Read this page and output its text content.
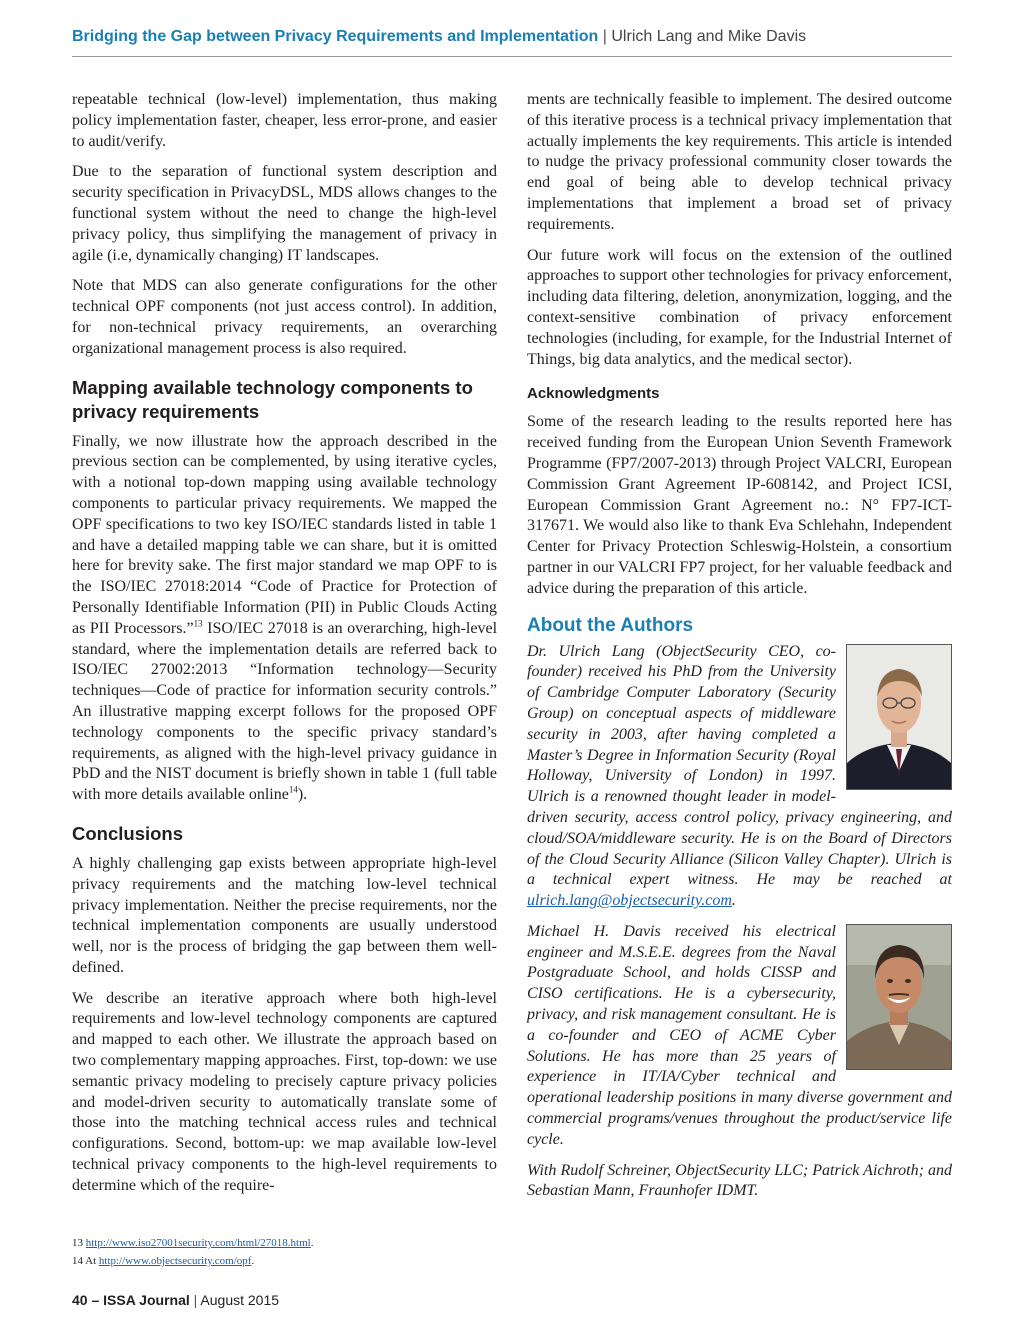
Bridging the Gap between Privacy Requirements and Implementation | Ulrich Lang and Mike Davis

repeatable technical (low-level) implementation, thus making policy implementation faster, cheaper, less error-prone, and easier to audit/verify.

Due to the separation of functional system description and security specification in PrivacyDSL, MDS allows changes to the functional system without the need to change the high-level privacy policy, thus simplifying the management of privacy in agile (i.e, dynamically changing) IT landscapes.

Note that MDS can also generate configurations for the other technical OPF components (not just access control). In addition, for non-technical privacy requirements, an overarching organizational management process is also required.

Mapping available technology components to privacy requirements

Finally, we now illustrate how the approach described in the previous section can be complemented, by using iterative cycles, with a notional top-down mapping using available technology components to particular privacy requirements. We mapped the OPF specifications to two key ISO/IEC standards listed in table 1 and have a detailed mapping table we can share, but it is omitted here for brevity sake. The first major standard we map OPF to is the ISO/IEC 27018:2014 “Code of Practice for Protection of Personally Identifiable Information (PII) in Public Clouds Acting as PII Processors.”$^{13}$ ISO/IEC 27018 is an overarching, high-level standard, where the implementation details are referred back to ISO/IEC 27002:2013 “Information technology—Security techniques—Code of practice for information security controls.” An illustrative mapping excerpt follows for the proposed OPF technology components to the specific privacy standard’s requirements, as aligned with the high-level privacy guidance in PbD and the NIST document is briefly shown in table 1 (full table with more details available online$^{14}$).

Conclusions

A highly challenging gap exists between appropriate high-level privacy requirements and the matching low-level technical privacy implementation. Neither the precise requirements, nor the technical implementation components are usually understood well, nor is the process of bridging the gap between them well-defined.

We describe an iterative approach where both high-level requirements and low-level technology components are captured and mapped to each other. We illustrate the approach based on two complementary mapping approaches. First, top-down: we use semantic privacy modeling to precisely capture privacy policies and model-driven security to automatically translate some of those into the matching technical access rules and technical configurations. Second, bottom-up: we map available low-level technical privacy components to the high-level requirements to determine which of the require-

ments are technically feasible to implement. The desired outcome of this iterative process is a technical privacy implementation that actually implements the key requirements. This article is intended to nudge the privacy professional community closer towards the end goal of being able to develop technical privacy implementations that implement a broad set of privacy requirements.

Our future work will focus on the extension of the outlined approaches to support other technologies for privacy enforcement, including data filtering, deletion, anonymization, logging, and the context-sensitive combination of privacy enforcement technologies (including, for example, for the Industrial Internet of Things, big data analytics, and the medical sector).

Acknowledgments

Some of the research leading to the results reported here has received funding from the European Union Seventh Framework Programme (FP7/2007-2013) through Project VALCRI, European Commission Grant Agreement IP-608142, and Project ICSI, European Commission Grant Agreement no.: N° FP7-ICT-317671. We would also like to thank Eva Schlehahn, Independent Center for Privacy Protection Schleswig-Holstein, a consortium partner in our VALCRI FP7 project, for her valuable feedback and advice during the preparation of this article.

About the Authors

Dr. Ulrich Lang (ObjectSecurity CEO, co-founder) received his PhD from the University of Cambridge Computer Laboratory (Security Group) on conceptual aspects of middleware security in 2003, after having completed a Master’s Degree in Information Security (Royal Holloway, University of London) in 1997. Ulrich is a renowned thought leader in model-driven security, access control policy, privacy engineering, and cloud/SOA/middleware security. He is on the Board of Directors of the Cloud Security Alliance (Silicon Valley Chapter). Ulrich is a technical expert witness. He may be reached at ulrich.lang@objectsecurity.com.

Michael H. Davis received his electrical engineer and M.S.E.E. degrees from the Naval Postgraduate School, and holds CISSP and CISO certifications. He is a cybersecurity, privacy, and risk management consultant. He is a co-founder and CEO of ACME Cyber Solutions. He has more than 25 years of experience in IT/IA/Cyber technical and operational leadership positions in many diverse government and commercial programs/venues throughout the product/service life cycle.

With Rudolf Schreiner, ObjectSecurity LLC; Patrick Aichroth; and Sebastian Mann, Fraunhofer IDMT.

13 http://www.iso27001security.com/html/27018.html.
14 At http://www.objectsecurity.com/opf.
40 – ISSA Journal | August 2015
